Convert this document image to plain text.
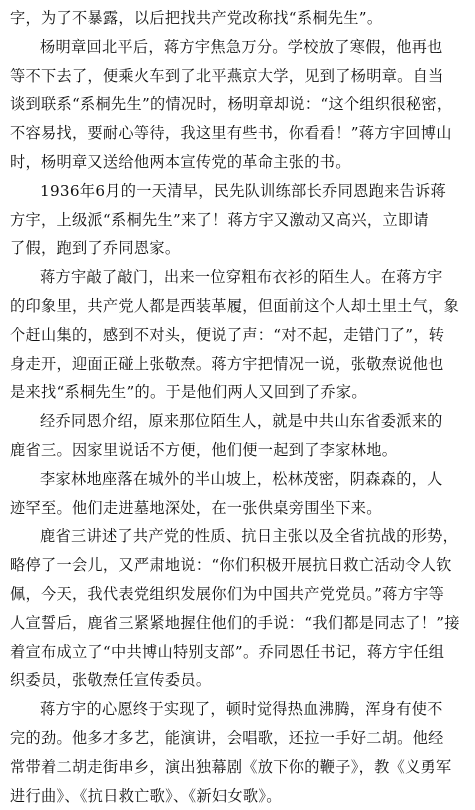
字，为了不暴露，以后把找共产党改称找“系桐先生”。
杨明章回北平后，蒋方宇焦急万分。学校放了寒假，他再也
等不下去了，便乘火车到了北平燕京大学，见到了杨明章。自当
谈到联系“系桐先生”的情况时，杨明章却说：“这个组织很秘密，
不容易找，要耐心等待，我这里有些书，你看看！”蒋方宇回博山
时，杨明章又送给他两本宣传党的革命主张的书。
1936年6月的一天清早，民先队训练部长乔同恩跑来告诉蒋
方宇，上级派“系桐先生”来了！蒋方宇又激动又高兴，立即请
了假，跑到了乔同恩家。
蒋方宇敲了敲门，出来一位穿粗布衣衫的陌生人。在蒋方宇
的印象里，共产党人都是西装革履，但面前这个人却土里土气，象
个赶山集的，感到不对头，便说了声：“对不起，走错门了”，转
身走开，迎面正碰上张敬焘。蒋方宇把情况一说，张敬焘说他也
是来找“系桐先生”的。于是他们两人又回到了乔家。
经乔同恩介绍，原来那位陌生人，就是中共山东省委派来的
鹿省三。因家里说话不方便，他们便一起到了李家林地。
李家林地座落在城外的半山坡上，松林茂密，阴森森的，人
迹罕至。他们走进墓地深处，在一张供桌旁围坐下来。
鹿省三讲述了共产党的性质、抗日主张以及全省抗战的形势，
略停了一会儿，又严肃地说：“你们积极开展抗日救亡活动令人钦
佩，今天，我代表党组织发展你们为中国共产党党员。”蒋方宇等
人宣誓后，鹿省三紧紧地握住他们的手说：“我们都是同志了！”接
着宣布成立了“中共博山特别支部”。乔同恩任书记，蒋方宇任组
织委员，张敬焘任宣传委员。
蒋方宇的心愿终于实现了，顿时觉得热血沸腾，浑身有使不
完的劲。他多才多艺，能演讲，会唱歌，还拉一手好二胡。他经
常带着二胡走街串乡，演出独幕剧《放下你的鞭子》，教《义勇军
进行曲》、《抗日救亡歌》、《新妇女歌》。
